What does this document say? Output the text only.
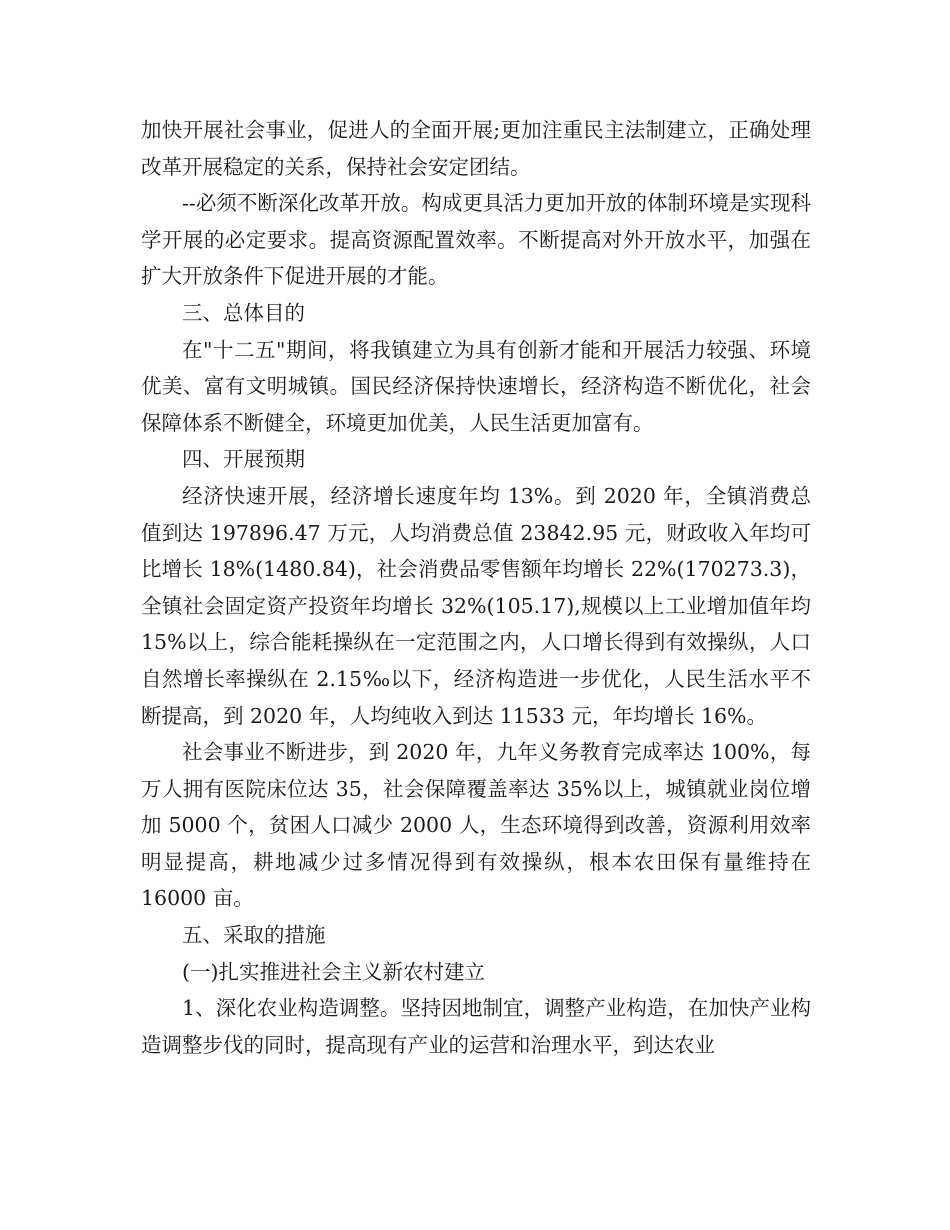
加快开展社会事业，促进人的全面开展;更加注重民主法制建立，正确处理改革开展稳定的关系，保持社会安定团结。

--必须不断深化改革开放。构成更具活力更加开放的体制环境是实现科学开展的必定要求。提高资源配置效率。不断提高对外开放水平，加强在扩大开放条件下促进开展的才能。

三、总体目的

在"十二五"期间，将我镇建立为具有创新才能和开展活力较强、环境优美、富有文明城镇。国民经济保持快速增长，经济构造不断优化，社会保障体系不断健全，环境更加优美，人民生活更加富有。

四、开展预期

经济快速开展，经济增长速度年均 13%。到 2020 年，全镇消费总值到达 197896.47 万元，人均消费总值 23842.95 元，财政收入年均可比增长 18%(1480.84)，社会消费品零售额年均增长 22%(170273.3)，全镇社会固定资产投资年均增长 32%(105.17),规模以上工业增加值年均 15%以上，综合能耗操纵在一定范围之内，人口增长得到有效操纵，人口自然增长率操纵在 2.15‰以下，经济构造进一步优化，人民生活水平不断提高，到 2020 年，人均纯收入到达 11533 元，年均增长 16%。

社会事业不断进步，到 2020 年，九年义务教育完成率达 100%，每万人拥有医院床位达 35，社会保障覆盖率达 35%以上，城镇就业岗位增加 5000 个，贫困人口减少 2000 人，生态环境得到改善，资源利用效率明显提高，耕地减少过多情况得到有效操纵，根本农田保有量维持在 16000 亩。

五、采取的措施

(一)扎实推进社会主义新农村建立

1、深化农业构造调整。坚持因地制宜，调整产业构造，在加快产业构造调整步伐的同时，提高现有产业的运营和治理水平，到达农业
